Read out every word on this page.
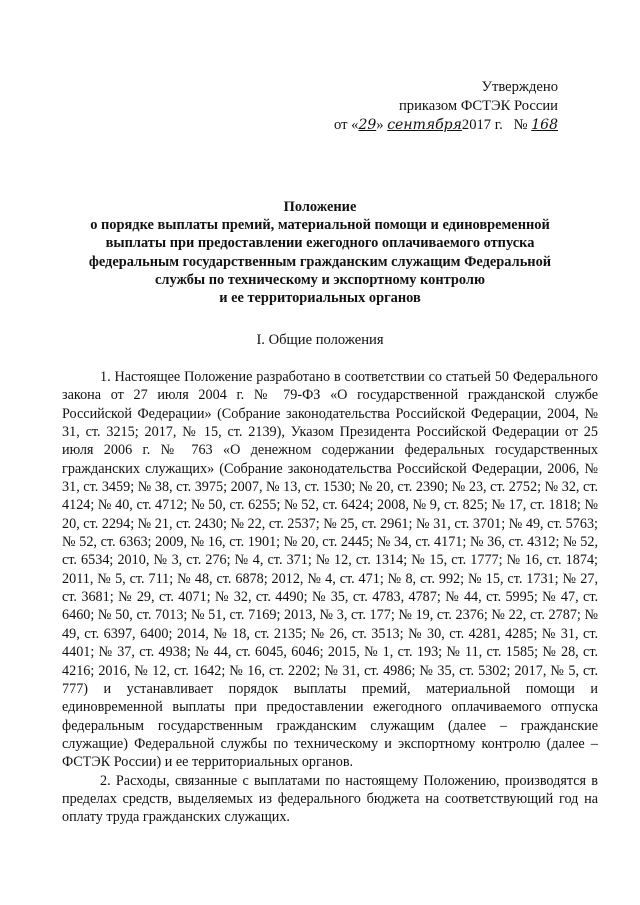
Утверждено
приказом ФСТЭК России
от «29» сентября2017 г. № 168
Положение
о порядке выплаты премий, материальной помощи и единовременной
выплаты при предоставлении ежегодного оплачиваемого отпуска
федеральным государственным гражданским служащим Федеральной
службы по техническому и экспортному контролю
и ее территориальных органов
I. Общие положения

1. Настоящее Положение разработано в соответствии со статьей 50 Федерального закона от 27 июля 2004 г. № 79-ФЗ «О государственной гражданской службе Российской Федерации» (Собрание законодательства Российской Федерации, 2004, № 31, ст. 3215; 2017, № 15, ст. 2139), Указом Президента Российской Федерации от 25 июля 2006 г. № 763 «О денежном содержании федеральных государственных гражданских служащих» (Собрание законодательства Российской Федерации, 2006, № 31, ст. 3459; № 38, ст. 3975; 2007, № 13, ст. 1530; № 20, ст. 2390; № 23, ст. 2752; № 32, ст. 4124; № 40, ст. 4712; № 50, ст. 6255; № 52, ст. 6424; 2008, № 9, ст. 825; № 17, ст. 1818; № 20, ст. 2294; № 21, ст. 2430; № 22, ст. 2537; № 25, ст. 2961; № 31, ст. 3701; № 49, ст. 5763; № 52, ст. 6363; 2009, № 16, ст. 1901; № 20, ст. 2445; № 34, ст. 4171; № 36, ст. 4312; № 52, ст. 6534; 2010, № 3, ст. 276; № 4, ст. 371; № 12, ст. 1314; № 15, ст. 1777; № 16, ст. 1874; 2011, № 5, ст. 711; № 48, ст. 6878; 2012, № 4, ст. 471; № 8, ст. 992; № 15, ст. 1731; № 27, ст. 3681; № 29, ст. 4071; № 32, ст. 4490; № 35, ст. 4783, 4787; № 44, ст. 5995; № 47, ст. 6460; № 50, ст. 7013; № 51, ст. 7169; 2013, № 3, ст. 177; № 19, ст. 2376; № 22, ст. 2787; № 49, ст. 6397, 6400; 2014, № 18, ст. 2135; № 26, ст. 3513; № 30, ст. 4281, 4285; № 31, ст. 4401; № 37, ст. 4938; № 44, ст. 6045, 6046; 2015, № 1, ст. 193; № 11, ст. 1585; № 28, ст. 4216; 2016, № 12, ст. 1642; № 16, ст. 2202; № 31, ст. 4986; № 35, ст. 5302; 2017, № 5, ст. 777) и устанавливает порядок выплаты премий, материальной помощи и единовременной выплаты при предоставлении ежегодного оплачиваемого отпуска федеральным государственным гражданским служащим (далее – гражданские служащие) Федеральной службы по техническому и экспортному контролю (далее – ФСТЭК России) и ее территориальных органов.

2. Расходы, связанные с выплатами по настоящему Положению, производятся в пределах средств, выделяемых из федерального бюджета на соответствующий год на оплату труда гражданских служащих.
